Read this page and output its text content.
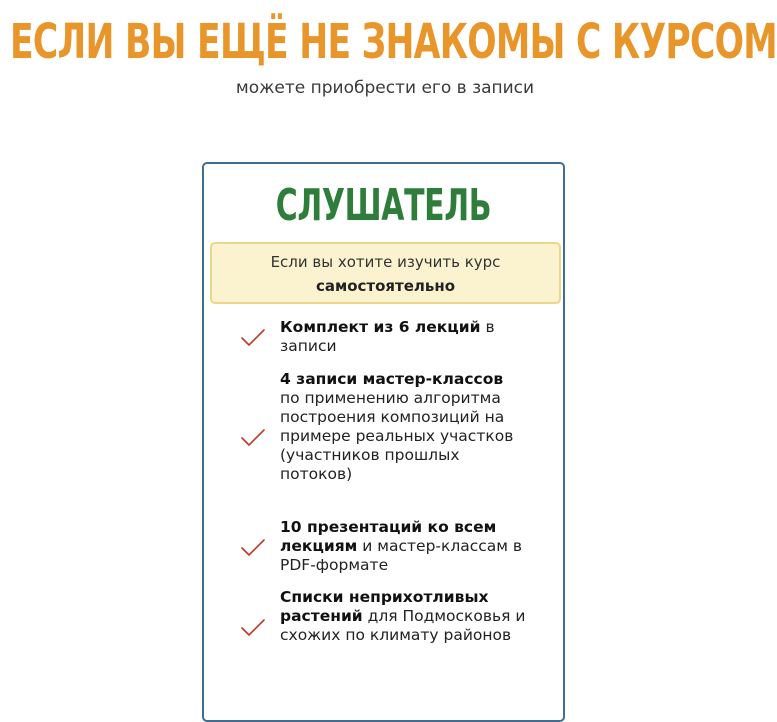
ЕСЛИ ВЫ ЕЩЁ НЕ ЗНАКОМЫ С КУРСОМ
можете приобрести его в записи
СЛУШАТЕЛЬ
Если вы хотите изучить курс
самостоятельно
Комплект из 6 лекций в записи
4 записи мастер-классов по применению алгоритма построения композиций на примере реальных участков (участников прошлых потоков)
10 презентаций ко всем лекциям и мастер-классам в PDF-формате
Списки неприхотливых растений для Подмосковья и схожих по климату районов
